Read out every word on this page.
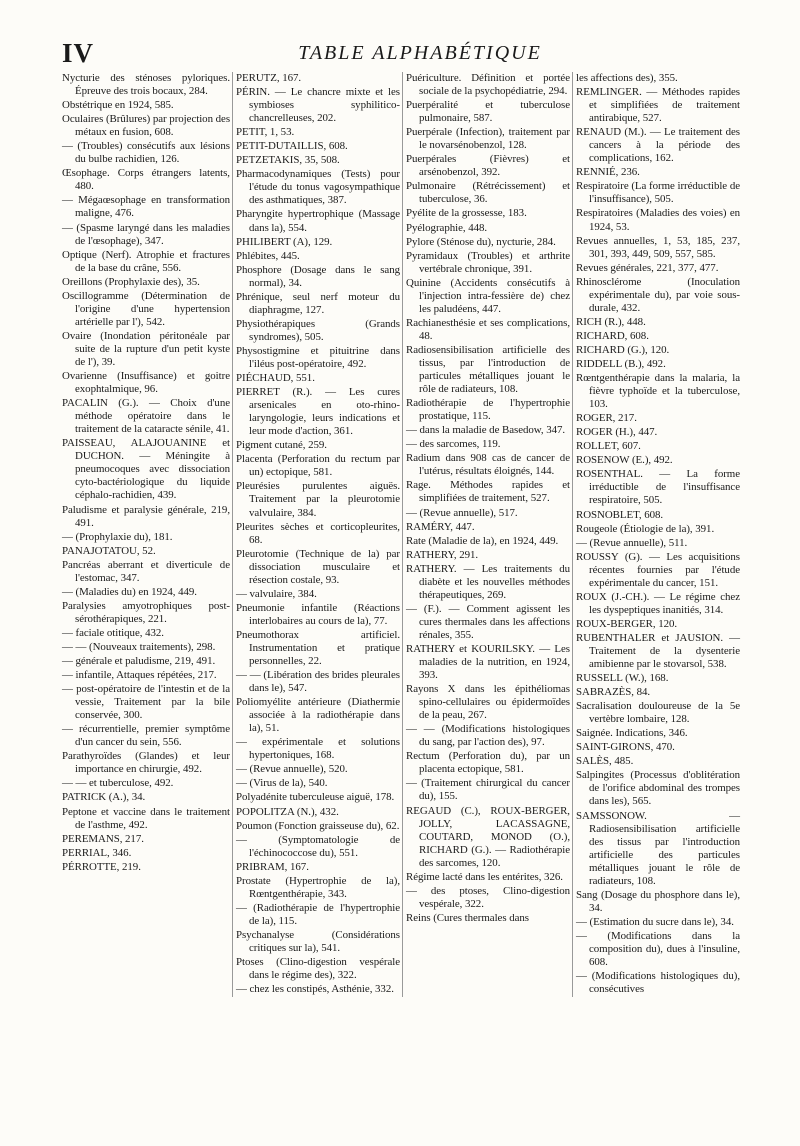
IV	TABLE ALPHABÉTIQUE
Nycturie des sténoses pyloriques. Épreuve des trois bocaux, 284.
Obstétrique en 1924, 585.
Oculaires (Brûlures) par projection des métaux en fusion, 608.
— (Troubles) consécutifs aux lésions du bulbe rachidien, 126.
Œsophage. Corps étrangers latents, 480.
— Mégaœsophage en transformation maligne, 476.
— (Spasme laryngé dans les maladies de l'œsophage), 347.
Optique (Nerf). Atrophie et fractures de la base du crâne, 556.
Oreillons (Prophylaxie des), 35.
Oscillogramme (Détermination de l'origine d'une hypertension artérielle par l'), 542.
Ovaire (Inondation péritonéale par suite de la rupture d'un petit kyste de l'), 39.
Ovarienne (Insuffisance) et goitre exophtalmique, 96.
PACALIN (G.). — Choix d'une méthode opératoire dans le traitement de la cataracte sénile, 41.
PAISSEAU, ALAJOUANINE et DUCHON. — Méningite à pneumocoques avec dissociation cyto-bactériologique du liquide céphalo-rachidien, 439.
Paludisme et paralysie générale, 219, 491.
— (Prophylaxie du), 181.
PANAJOTATOU, 52.
Pancréas aberrant et diverticule de l'estomac, 347.
— (Maladies du) en 1924, 449.
Paralysies amyotrophiques post-sérothérapiques, 221.
— faciale otitique, 432.
— — (Nouveaux traitements), 298.
— générale et paludisme, 219, 491.
— infantile, Attaques répétées, 217.
— post-opératoire de l'intestin et de la vessie, Traitement par la bile conservée, 300.
— récurrentielle, premier symptôme d'un cancer du sein, 556.
Parathyroïdes (Glandes) et leur importance en chirurgie, 492.
— — et tuberculose, 492.
PATRICK (A.), 34.
Peptone et vaccine dans le traitement de l'asthme, 492.
PEREMANS, 217.
PERRIAL, 346.
PÉRROTTE, 219.
PERUTZ, 167.
PÉRIN. — Le chancre mixte et les symbioses syphilitico-chancrelleuses, 202.
PETIT, 1, 53.
PETIT-DUTAILLIS, 608.
PETZETAKIS, 35, 508.
Pharmacodynamiques (Tests) pour l'étude du tonus vagosympathique des asthmatiques, 387.
Pharyngite hypertrophique (Massage dans la), 554.
PHILIBERT (A), 129.
Phlébites, 445.
Phosphore (Dosage dans le sang normal), 34.
Phrénique, seul nerf moteur du diaphragme, 127.
Physiothérapiques (Grands syndromes), 505.
Physostigmine et pituitrine dans l'iléus post-opératoire, 492.
PIÉCHAUD, 551.
PIERRET (R.). — Les cures arsenicales en oto-rhino-laryngologie, leurs indications et leur mode d'action, 361.
Pigment cutané, 259.
Placenta (Perforation du rectum par un) ectopique, 581.
Pleurésies purulentes aiguës. Traitement par la pleurotomie valvulaire, 384.
Pleurites sèches et corticopleurites, 68.
Pleurotomie (Technique de la) par dissociation musculaire et résection costale, 93.
— valvulaire, 384.
Pneumonie infantile (Réactions interlobaires au cours de la), 77.
Pneumothorax artificiel. Instrumentation et pratique personnelles, 22.
— — (Libération des brides pleurales dans le), 547.
Poliomyélite antérieure (Diathermie associée à la radiothérapie dans la), 51.
— expérimentale et solutions hypertoniques, 168.
— (Revue annuelle), 520.
— (Virus de la), 540.
Polyadénite tuberculeuse aiguë, 178.
POPOLITZA (N.), 432.
Poumon (Fonction graisseuse du), 62.
— (Symptomatologie de l'échinococcose du), 551.
PRIBRAM, 167.
Prostate (Hypertrophie de la), Rœntgenthérapie, 343.
— (Radiothérapie de l'hypertrophie de la), 115.
Psychanalyse (Considérations critiques sur la), 541.
Ptoses (Clino-digestion vespérale dans le régime des), 322.
— chez les constipés, Asthénie, 332.
Puériculture. Définition et portée sociale de la psychopédiatrie, 294.
Puerpéralité et tuberculose pulmonaire, 587.
Puerpérale (Infection), traitement par le novarsénobenzol, 128.
Puerpérales (Fièvres) et arsénobenzol, 392.
Pulmonaire (Rétrécissement) et tuberculose, 36.
Pyélite de la grossesse, 183.
Pyélographie, 448.
Pylore (Sténose du), nycturie, 284.
Pyramidaux (Troubles) et arthrite vertébrale chronique, 391.
Quinine (Accidents consécutifs à l'injection intra-fessière de) chez les paludéens, 447.
Rachianesthésie et ses complications, 48.
Radiosensibilisation artificielle des tissus, par l'introduction de particules métalliques jouant le rôle de radiateurs, 108.
Radiothérapie de l'hypertrophie prostatique, 115.
— dans la maladie de Basedow, 347.
— des sarcomes, 119.
Radium dans 908 cas de cancer de l'utérus, résultats éloignés, 144.
Rage. Méthodes rapides et simplifiées de traitement, 527.
— (Revue annuelle), 517.
RAMÉRY, 447.
Rate (Maladie de la), en 1924, 449.
RATHERY, 291.
RATHERY. — Les traitements du diabète et les nouvelles méthodes thérapeutiques, 269.
— (F.). — Comment agissent les cures thermales dans les affections rénales, 355.
RATHERY et KOURILSKY. — Les maladies de la nutrition, en 1924, 393.
Rayons X dans les épithéliomas spino-cellulaires ou épidermoïdes de la peau, 267.
— — (Modifications histologiques du sang, par l'action des), 97.
Rectum (Perforation du), par un placenta ectopique, 581.
— (Traitement chirurgical du cancer du), 155.
REGAUD (C.), ROUX-BERGER, JOLLY, LACASSAGNE, COUTARD, MONOD (O.), RICHARD (G.). — Radiothérapie des sarcomes, 120.
Régime lacté dans les entérites, 326.
— des ptoses, Clino-digestion vespérale, 322.
Reins (Cures thermales dans
les affections des), 355.
REMLINGER. — Méthodes rapides et simplifiées de traitement antirabique, 527.
RENAUD (M.). — Le traitement des cancers à la période des complications, 162.
RENNIÉ, 236.
Respiratoire (La forme irréductible de l'insuffisance), 505.
Respiratoires (Maladies des voies) en 1924, 53.
Revues annuelles, 1, 53, 185, 237, 301, 393, 449, 509, 557, 585.
Revues générales, 221, 377, 477.
Rhinosclérome (Inoculation expérimentale du), par voie sous-durale, 432.
RICH (R.), 448.
RICHARD, 608.
RICHARD (G.), 120.
RIDDELL (B.), 492.
Rœntgenthérapie dans la malaria, la fièvre typhoïde et la tuberculose, 103.
ROGER, 217.
ROGER (H.), 447.
ROLLET, 607.
ROSENOW (E.), 492.
ROSENTHAL. — La forme irréductible de l'insuffisance respiratoire, 505.
ROSNOBLET, 608.
Rougeole (Étiologie de la), 391.
— (Revue annuelle), 511.
ROUSSY (G). — Les acquisitions récentes fournies par l'étude expérimentale du cancer, 151.
ROUX (J.-CH.). — Le régime chez les dyspeptiques inanitiés, 314.
ROUX-BERGER, 120.
RUBENTHALER et JAUSION. — Traitement de la dysenterie amibienne par le stovarsol, 538.
RUSSELL (W.), 168.
SABRAZÈS, 84.
Sacralisation douloureuse de la 5e vertèbre lombaire, 128.
Saignée. Indications, 346.
SAINT-GIRONS, 470.
SALÈS, 485.
Salpingites (Processus d'oblitération de l'orifice abdominal des trompes dans les), 565.
SAMSSONOW. — Radiosensibilisation artificielle des tissus par l'introduction artificielle des particules métalliques jouant le rôle de radiateurs, 108.
Sang (Dosage du phosphore dans le), 34.
— (Estimation du sucre dans le), 34.
— (Modifications dans la composition du), dues à l'insuline, 608.
— (Modifications histologiques du), consécutives
